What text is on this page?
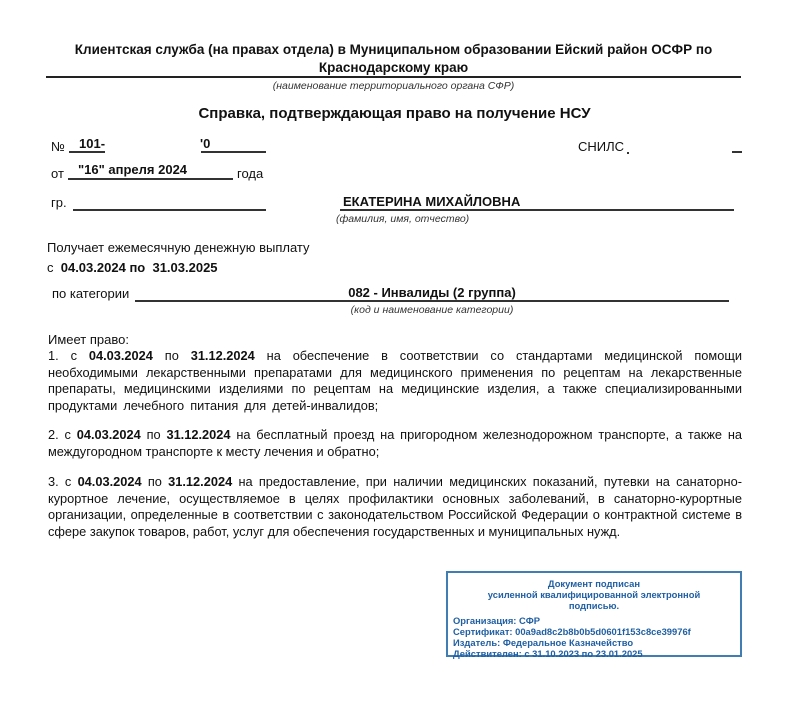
Клиентская служба (на правах отдела) в Муниципальном образовании Ейский район ОСФР по Краснодарскому краю
(наименование территориального органа СФР)
Справка, подтверждающая право на получение НСУ
№ 101-	'0	СНИЛС
от "16" апреля 2024	года
гр.	ЕКАТЕРИНА МИХАЙЛОВНА
(фамилия, имя, отчество)
Получает ежемесячную денежную выплату
с 04.03.2024 по 31.03.2025
по категории	082 - Инвалиды (2 группа)
(код и наименование категории)
Имеет право:
1. с 04.03.2024 по 31.12.2024 на обеспечение в соответствии со стандартами медицинской помощи необходимыми лекарственными препаратами для медицинского применения по рецептам на лекарственные препараты, медицинскими изделиями по рецептам на медицинские изделия, а также специализированными продуктами лечебного питания для детей-инвалидов;
2. с 04.03.2024 по 31.12.2024 на бесплатный проезд на пригородном железнодорожном транспорте, а также на междугородном транспорте к месту лечения и обратно;
3. с 04.03.2024 по 31.12.2024 на предоставление, при наличии медицинских показаний, путевки на санаторно-курортное лечение, осуществляемое в целях профилактики основных заболеваний, в санаторно-курортные организации, определенные в соответствии с законодательством Российской Федерации о контрактной системе в сфере закупок товаров, работ, услуг для обеспечения государственных и муниципальных нужд.
Документ подписан
усиленной квалифицированной электронной
подписью.
Организация: СФР
Сертификат: 00a9ad8c2b8b0b5d0601f153c8ce39976f
Издатель: Федеральное Казначейство
Действителен: с 31.10.2023 по 23.01.2025
